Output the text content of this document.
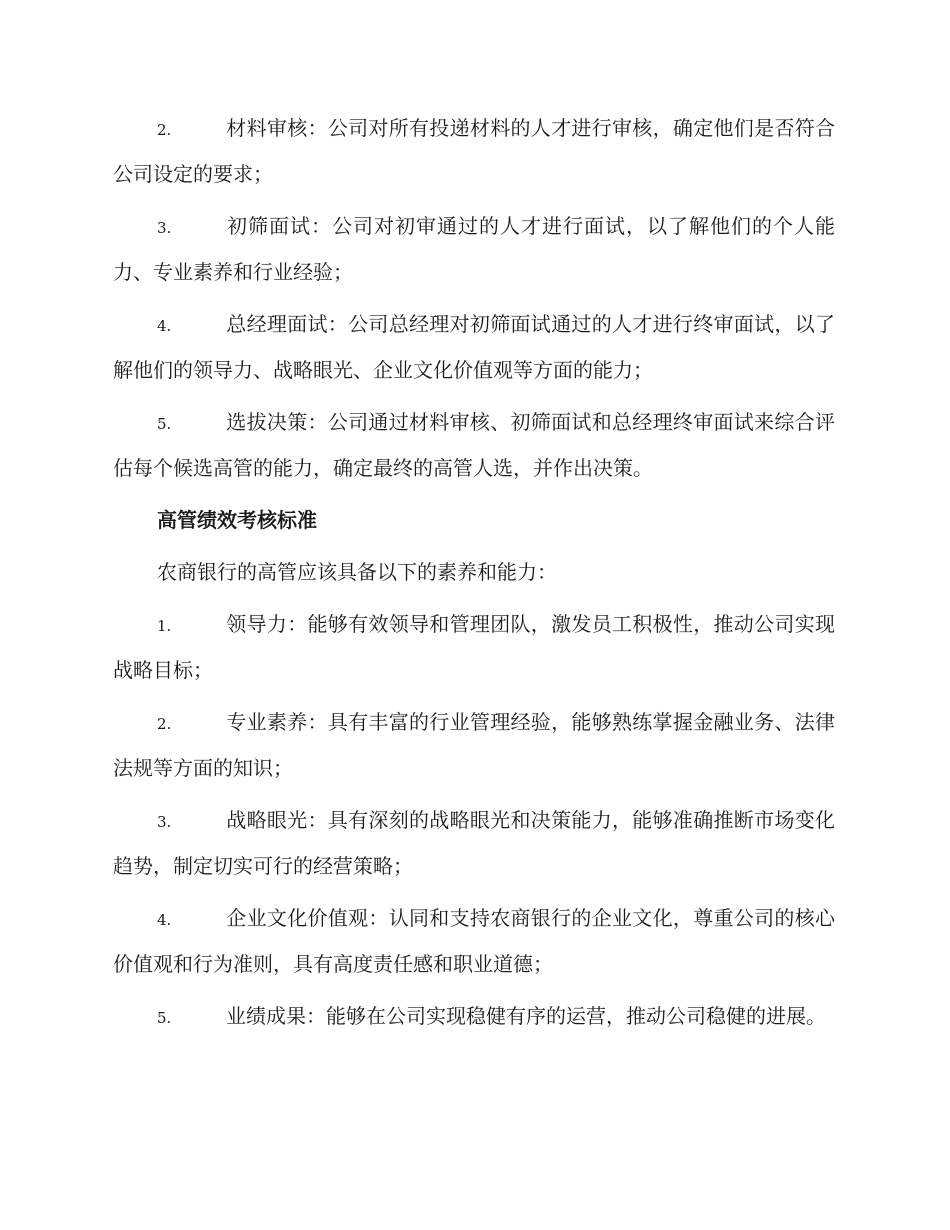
2.	材料审核：公司对所有投递材料的人才进行审核，确定他们是否符合公司设定的要求；
3.	初筛面试：公司对初审通过的人才进行面试，以了解他们的个人能力、专业素养和行业经验；
4.	总经理面试：公司总经理对初筛面试通过的人才进行终审面试，以了解他们的领导力、战略眼光、企业文化价值观等方面的能力；
5.	选拔决策：公司通过材料审核、初筛面试和总经理终审面试来综合评估每个候选高管的能力，确定最终的高管人选，并作出决策。
高管绩效考核标准
农商银行的高管应该具备以下的素养和能力：
1.	领导力：能够有效领导和管理团队，激发员工积极性，推动公司实现战略目标；
2.	专业素养：具有丰富的行业管理经验，能够熟练掌握金融业务、法律法规等方面的知识；
3.	战略眼光：具有深刻的战略眼光和决策能力，能够准确推断市场变化趋势，制定切实可行的经营策略；
4.	企业文化价值观：认同和支持农商银行的企业文化，尊重公司的核心价值观和行为准则，具有高度责任感和职业道德；
5.	业绩成果：能够在公司实现稳健有序的运营，推动公司稳健的进展。
